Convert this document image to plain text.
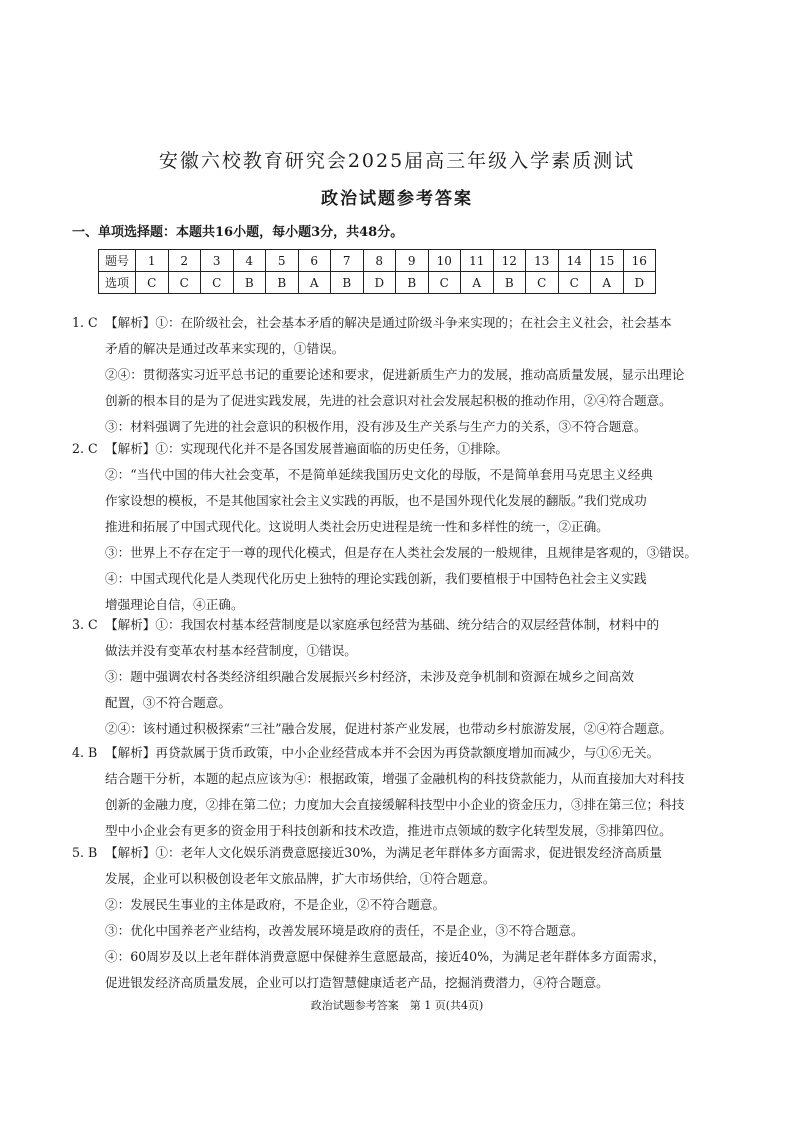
安徽六校教育研究会2025届高三年级入学素质测试
政治试题参考答案
一、单项选择题：本题共16小题，每小题3分，共48分。
题号	1	2	3	4	5	6	7	8	9	10	11	12	13	14	15	16
选项	C	C	C	B	B	A	B	D	B	C	A	B	C	C	A	D
1. C 【解析】①：在阶级社会，社会基本矛盾的解决是通过阶级斗争来实现的；在社会主义社会，社会基本
矛盾的解决是通过改革来实现的，①错误。
②④：贯彻落实习近平总书记的重要论述和要求，促进新质生产力的发展，推动高质量发展，显示出理论
创新的根本目的是为了促进实践发展，先进的社会意识对社会发展起积极的推动作用，②④符合题意。
③：材料强调了先进的社会意识的积极作用，没有涉及生产关系与生产力的关系，③不符合题意。
2. C 【解析】①：实现现代化并不是各国发展普遍面临的历史任务，①排除。
②：“当代中国的伟大社会变革，不是简单延续我国历史文化的母版，不是简单套用马克思主义经典
作家设想的模板，不是其他国家社会主义实践的再版，也不是国外现代化发展的翻版。”我们党成功
推进和拓展了中国式现代化。这说明人类社会历史进程是统一性和多样性的统一，②正确。
③：世界上不存在定于一尊的现代化模式，但是存在人类社会发展的一般规律，且规律是客观的，③错误。
④：中国式现代化是人类现代化历史上独特的理论实践创新，我们要植根于中国特色社会主义实践
增强理论自信，④正确。
3. C 【解析】①：我国农村基本经营制度是以家庭承包经营为基础、统分结合的双层经营体制，材料中的
做法并没有变革农村基本经营制度，①错误。
③：题中强调农村各类经济组织融合发展振兴乡村经济，未涉及竞争机制和资源在城乡之间高效
配置，③不符合题意。
②④：该村通过积极探索“三社”融合发展，促进村茶产业发展，也带动乡村旅游发展，②④符合题意。
4. B 【解析】再贷款属于货币政策，中小企业经营成本并不会因为再贷款额度增加而减少，与①⑥无关。
结合题干分析，本题的起点应该为④：根据政策，增强了金融机构的科技贷款能力，从而直接加大对科技
创新的金融力度，②排在第二位；力度加大会直接缓解科技型中小企业的资金压力，③排在第三位；科技
型中小企业会有更多的资金用于科技创新和技术改造，推进市点领域的数字化转型发展，⑤排第四位。
5. B 【解析】①：老年人文化娱乐消费意愿接近30%，为满足老年群体多方面需求，促进银发经济高质量
发展，企业可以积极创设老年文旅品牌，扩大市场供给，①符合题意。
②：发展民生事业的主体是政府，不是企业，②不符合题意。
③：优化中国养老产业结构，改善发展环境是政府的责任，不是企业，③不符合题意。
④：60周岁及以上老年群体消费意愿中保健养生意愿最高，接近40%，为满足老年群体多方面需求，
促进银发经济高质量发展，企业可以打造智慧健康适老产品，挖掘消费潜力，④符合题意。
政治试题参考答案　第 1 页(共4页)
